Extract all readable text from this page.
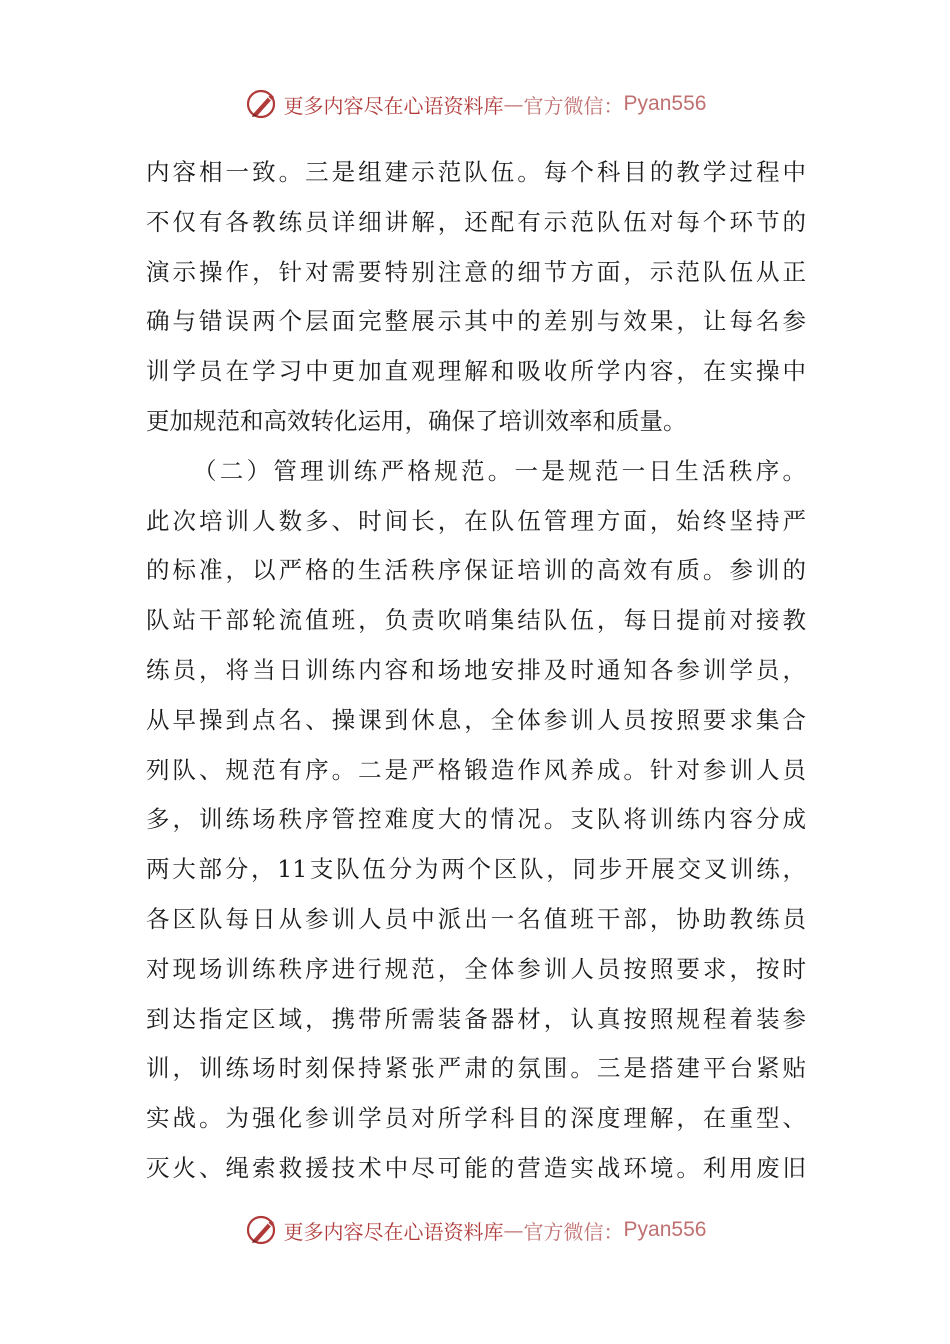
更多内容尽在心语资料库 — 官方微信： Pyan556
内容相一致。三是组建示范队伍。每个科目的教学过程中
不仅有各教练员详细讲解，还配有示范队伍对每个环节的
演示操作，针对需要特别注意的细节方面，示范队伍从正
确与错误两个层面完整展示其中的差别与效果，让每名参
训学员在学习中更加直观理解和吸收所学内容，在实操中
更加规范和高效转化运用，确保了培训效率和质量。
（二）管理训练严格规范。一是规范一日生活秩序。
此次培训人数多、时间长，在队伍管理方面，始终坚持严
的标准，以严格的生活秩序保证培训的高效有质。参训的
队站干部轮流值班，负责吹哨集结队伍，每日提前对接教
练员，将当日训练内容和场地安排及时通知各参训学员，
从早操到点名、操课到休息，全体参训人员按照要求集合
列队、规范有序。二是严格锻造作风养成。针对参训人员
多，训练场秩序管控难度大的情况。支队将训练内容分成
两大部分，11支队伍分为两个区队，同步开展交叉训练，
各区队每日从参训人员中派出一名值班干部，协助教练员
对现场训练秩序进行规范，全体参训人员按照要求，按时
到达指定区域，携带所需装备器材，认真按照规程着装参
训，训练场时刻保持紧张严肃的氛围。三是搭建平台紧贴
实战。为强化参训学员对所学科目的深度理解，在重型、
灭火、绳索救援技术中尽可能的营造实战环境。利用废旧
更多内容尽在心语资料库 — 官方微信： Pyan556
